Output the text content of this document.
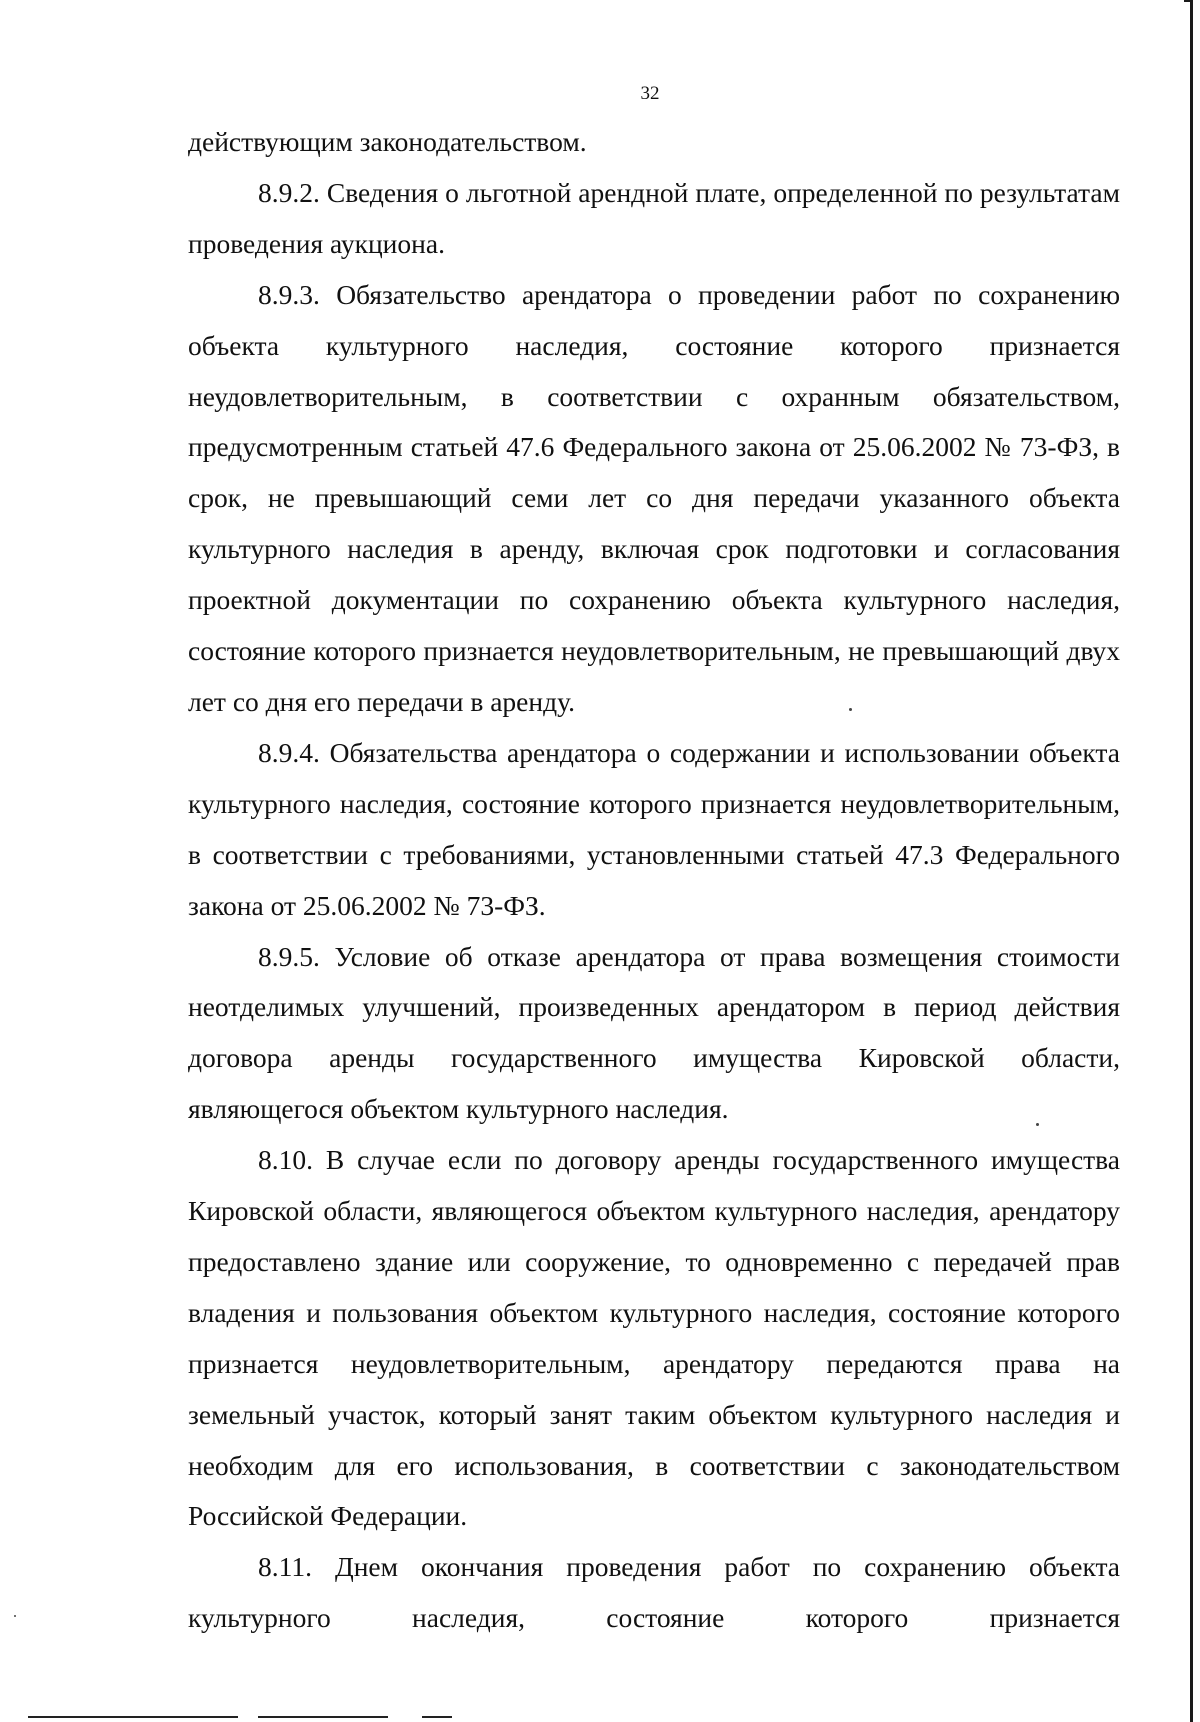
32

действующим законодательством.

8.9.2. Сведения о льготной арендной плате, определенной по результатам проведения аукциона.

8.9.3. Обязательство арендатора о проведении работ по сохранению объекта культурного наследия, состояние которого признается неудовлетворительным, в соответствии с охранным обязательством, предусмотренным статьей 47.6 Федерального закона от 25.06.2002 № 73-ФЗ, в срок, не превышающий семи лет со дня передачи указанного объекта культурного наследия в аренду, включая срок подготовки и согласования проектной документации по сохранению объекта культурного наследия, состояние которого признается неудовлетворительным, не превышающий двух лет со дня его передачи в аренду.

8.9.4. Обязательства арендатора о содержании и использовании объекта культурного наследия, состояние которого признается неудовлетворительным, в соответствии с требованиями, установленными статьей 47.3 Федерального закона от 25.06.2002 № 73-ФЗ.

8.9.5. Условие об отказе арендатора от права возмещения стоимости неотделимых улучшений, произведенных арендатором в период действия договора аренды государственного имущества Кировской области, являющегося объектом культурного наследия.

8.10. В случае если по договору аренды государственного имущества Кировской области, являющегося объектом культурного наследия, арендатору предоставлено здание или сооружение, то одновременно с передачей прав владения и пользования объектом культурного наследия, состояние которого признается неудовлетворительным, арендатору передаются права на земельный участок, который занят таким объектом культурного наследия и необходим для его использования, в соответствии с законодательством Российской Федерации.

8.11. Днем окончания проведения работ по сохранению объекта культурного наследия, состояние которого признается
